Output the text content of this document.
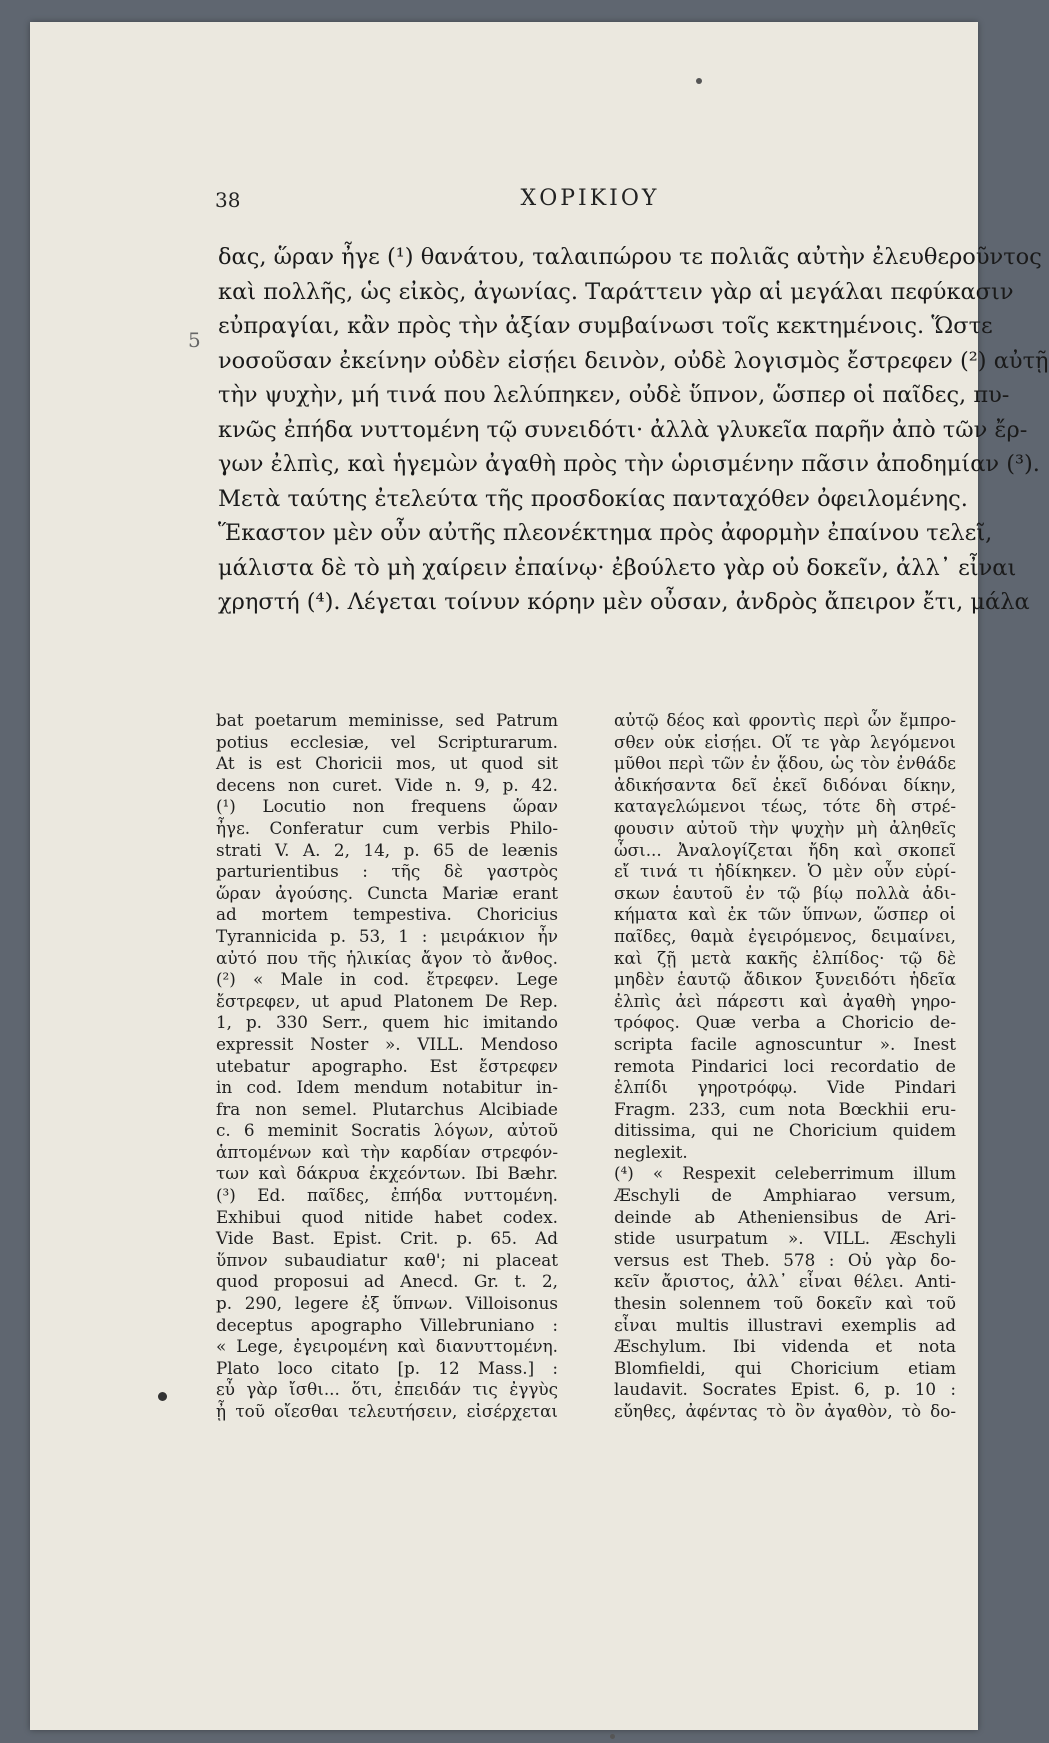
38	ΧΟΡΙΚΙΟΥ
5
δας, ὥραν ἦγε (¹) θανάτου, ταλαιπώρου τε πολιᾶς αὐτὴν ἐλευθεροῦντος
καὶ πολλῆς, ὡς εἰκὸς, ἀγωνίας. Ταράττειν γὰρ αἱ μεγάλαι πεφύκασιν
εὐπραγίαι, κἂν πρὸς τὴν ἀξίαν συμβαίνωσι τοῖς κεκτημένοις. Ὥστε
νοσοῦσαν ἐκείνην οὐδὲν εἰσῄει δεινὸν, οὐδὲ λογισμὸς ἔστρεφεν (²) αὐτῇ
τὴν ψυχὴν, μή τινά που λελύπηκεν, οὐδὲ ὕπνον, ὥσπερ οἱ παῖδες, πυ-
κνῶς ἐπήδα νυττομένη τῷ συνειδότι· ἀλλὰ γλυκεῖα παρῆν ἀπὸ τῶν ἔρ-
γων ἐλπὶς, καὶ ἡγεμὼν ἀγαθὴ πρὸς τὴν ὡρισμένην πᾶσιν ἀποδημίαν (³).
Μετὰ ταύτης ἐτελεύτα τῆς προσδοκίας πανταχόθεν ὀφειλομένης.
Ἕκαστον μὲν οὖν αὐτῆς πλεονέκτημα πρὸς ἀφορμὴν ἐπαίνου τελεῖ,
μάλιστα δὲ τὸ μὴ χαίρειν ἐπαίνῳ· ἐβούλετο γὰρ οὐ δοκεῖν, ἀλλ᾽ εἶναι
χρηστή (⁴). Λέγεται τοίνυν κόρην μὲν οὖσαν, ἀνδρὸς ἄπειρον ἔτι, μάλα
bat poetarum meminisse, sed Patrum
potius ecclesiæ, vel Scripturarum.
At is est Choricii mos, ut quod sit
decens non curet. Vide n. 9, p. 42.
(¹) Locutio non frequens ὥραν
ἦγε. Conferatur cum verbis Philo-
strati V. A. 2, 14, p. 65 de leænis
parturientibus : τῆς δὲ γαστρὸς
ὥραν ἀγούσης. Cuncta Mariæ erant
ad mortem tempestiva. Choricius
Tyrannicida p. 53, 1 : μειράκιον ἦν
αὐτό που τῆς ἡλικίας ἄγον τὸ ἄνθος.
(²) « Male in cod. ἔτρεφεν. Lege
ἔστρεφεν, ut apud Platonem De Rep.
1, p. 330 Serr., quem hic imitando
expressit Noster ». VILL. Mendoso
utebatur apographo. Est ἔστρεφεν
in cod. Idem mendum notabitur in-
fra non semel. Plutarchus Alcibiade
c. 6 meminit Socratis λόγων, αὐτοῦ
ἁπτομένων καὶ τὴν καρδίαν στρεφόν-
των καὶ δάκρυα ἐκχεόντων. Ibi Bæhr.
(³) Ed. παῖδες, ἐπήδα νυττομένη.
Exhibui quod nitide habet codex.
Vide Bast. Epist. Crit. p. 65. Ad
ὕπνον subaudiatur καθ'; ni placeat
quod proposui ad Anecd. Gr. t. 2,
p. 290, legere ἐξ ὕπνων. Villoisonus
deceptus apographo Villebruniano :
« Lege, ἐγειρομένη καὶ διανυττομένη.
Plato loco citato [p. 12 Mass.] :
εὖ γὰρ ἴσθι... ὅτι, ἐπειδάν τις ἐγγὺς
ᾖ τοῦ οἴεσθαι τελευτήσειν, εἰσέρχεται
αὐτῷ δέος καὶ φροντὶς περὶ ὧν ἔμπρο-
σθεν οὐκ εἰσῄει. Οἵ τε γὰρ λεγόμενοι
μῦθοι περὶ τῶν ἐν ᾅδου, ὡς τὸν ἐνθάδε
ἀδικήσαντα δεῖ ἐκεῖ διδόναι δίκην,
καταγελώμενοι τέως, τότε δὴ στρέ-
φουσιν αὐτοῦ τὴν ψυχὴν μὴ ἀληθεῖς
ὦσι... Ἀναλογίζεται ἤδη καὶ σκοπεῖ
εἴ τινά τι ἠδίκηκεν. Ὁ μὲν οὖν εὑρί-
σκων ἑαυτοῦ ἐν τῷ βίῳ πολλὰ ἀδι-
κήματα καὶ ἐκ τῶν ὕπνων, ὥσπερ οἱ
παῖδες, θαμὰ ἐγειρόμενος, δειμαίνει,
καὶ ζῇ μετὰ κακῆς ἐλπίδος· τῷ δὲ
μηδὲν ἑαυτῷ ἄδικον ξυνειδότι ἡδεῖα
ἐλπὶς ἀεὶ πάρεστι καὶ ἀγαθὴ γηρο-
τρόφος. Quæ verba a Choricio de-
scripta facile agnoscuntur ». Inest
remota Pindarici loci recordatio de
ἐλπίδι γηροτρόφῳ. Vide Pindari
Fragm. 233, cum nota Bœckhii eru-
ditissima, qui ne Choricium quidem
neglexit.
(⁴) « Respexit celeberrimum illum
Æschyli de Amphiarao versum,
deinde ab Atheniensibus de Ari-
stide usurpatum ». VILL. Æschyli
versus est Theb. 578 : Οὐ γὰρ δο-
κεῖν ἄριστος, ἀλλ᾽ εἶναι θέλει. Anti-
thesin solennem τοῦ δοκεῖν καὶ τοῦ
εἶναι multis illustravi exemplis ad
Æschylum. Ibi videnda et nota
Blomfieldi, qui Choricium etiam
laudavit. Socrates Epist. 6, p. 10 :
εὔηθες, ἀφέντας τὸ ὂν ἀγαθὸν, τὸ δο-
